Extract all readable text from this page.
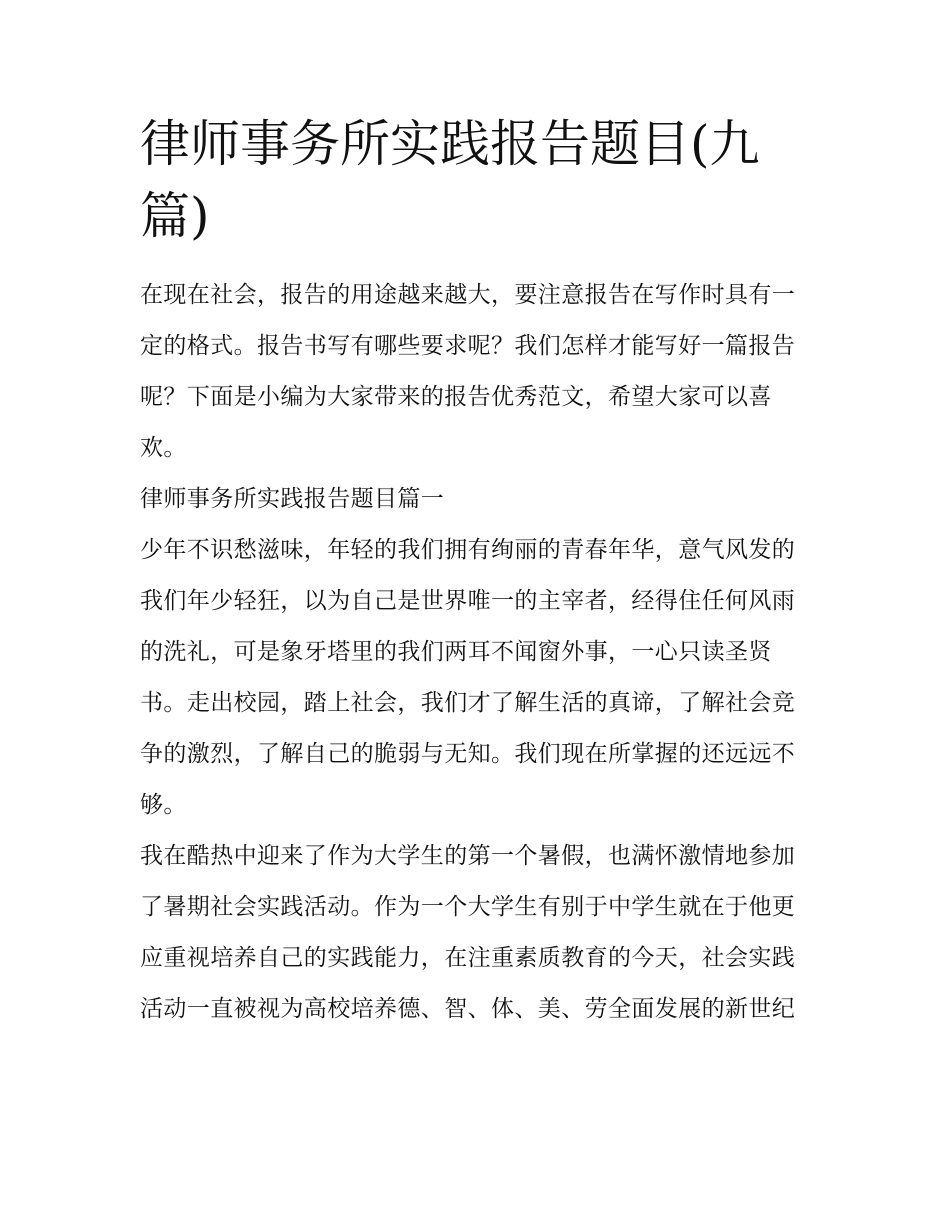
律师事务所实践报告题目(九篇)

在现在社会，报告的用途越来越大，要注意报告在写作时具有一定的格式。报告书写有哪些要求呢？我们怎样才能写好一篇报告呢？下面是小编为大家带来的报告优秀范文，希望大家可以喜欢。

律师事务所实践报告题目篇一

少年不识愁滋味，年轻的我们拥有绚丽的青春年华，意气风发的我们年少轻狂，以为自己是世界唯一的主宰者，经得住任何风雨的洗礼，可是象牙塔里的我们两耳不闻窗外事，一心只读圣贤书。走出校园，踏上社会，我们才了解生活的真谛，了解社会竞争的激烈，了解自己的脆弱与无知。我们现在所掌握的还远远不够。

我在酷热中迎来了作为大学生的第一个暑假，也满怀激情地参加了暑期社会实践活动。作为一个大学生有别于中学生就在于他更应重视培养自己的实践能力，在注重素质教育的今天，社会实践活动一直被视为高校培养德、智、体、美、劳全面发展的新世纪
